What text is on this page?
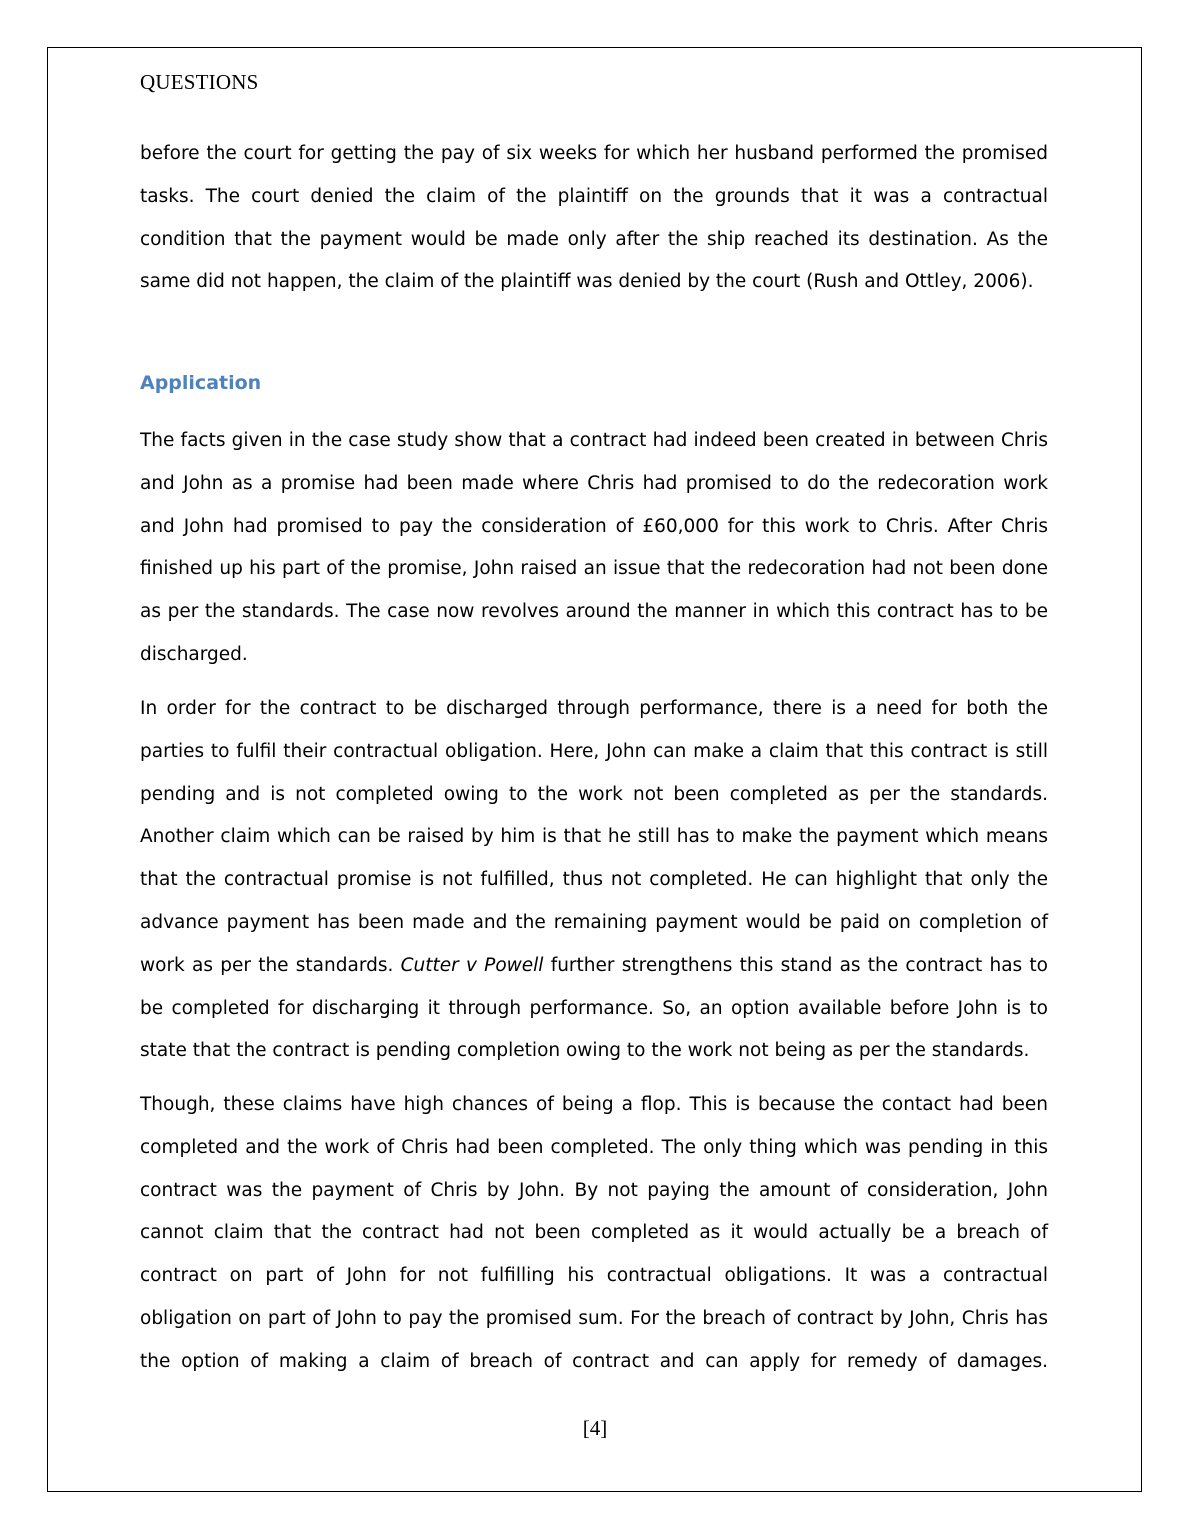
QUESTIONS

before the court for getting the pay of six weeks for which her husband performed the promised tasks. The court denied the claim of the plaintiff on the grounds that it was a contractual condition that the payment would be made only after the ship reached its destination. As the same did not happen, the claim of the plaintiff was denied by the court (Rush and Ottley, 2006).

Application

The facts given in the case study show that a contract had indeed been created in between Chris and John as a promise had been made where Chris had promised to do the redecoration work and John had promised to pay the consideration of £60,000 for this work to Chris. After Chris finished up his part of the promise, John raised an issue that the redecoration had not been done as per the standards. The case now revolves around the manner in which this contract has to be discharged.

In order for the contract to be discharged through performance, there is a need for both the parties to fulfil their contractual obligation. Here, John can make a claim that this contract is still pending and is not completed owing to the work not been completed as per the standards. Another claim which can be raised by him is that he still has to make the payment which means that the contractual promise is not fulfilled, thus not completed. He can highlight that only the advance payment has been made and the remaining payment would be paid on completion of work as per the standards. Cutter v Powell further strengthens this stand as the contract has to be completed for discharging it through performance. So, an option available before John is to state that the contract is pending completion owing to the work not being as per the standards.

Though, these claims have high chances of being a flop. This is because the contact had been completed and the work of Chris had been completed. The only thing which was pending in this contract was the payment of Chris by John. By not paying the amount of consideration, John cannot claim that the contract had not been completed as it would actually be a breach of contract on part of John for not fulfilling his contractual obligations. It was a contractual obligation on part of John to pay the promised sum. For the breach of contract by John, Chris has the option of making a claim of breach of contract and can apply for remedy of damages.

[4]
